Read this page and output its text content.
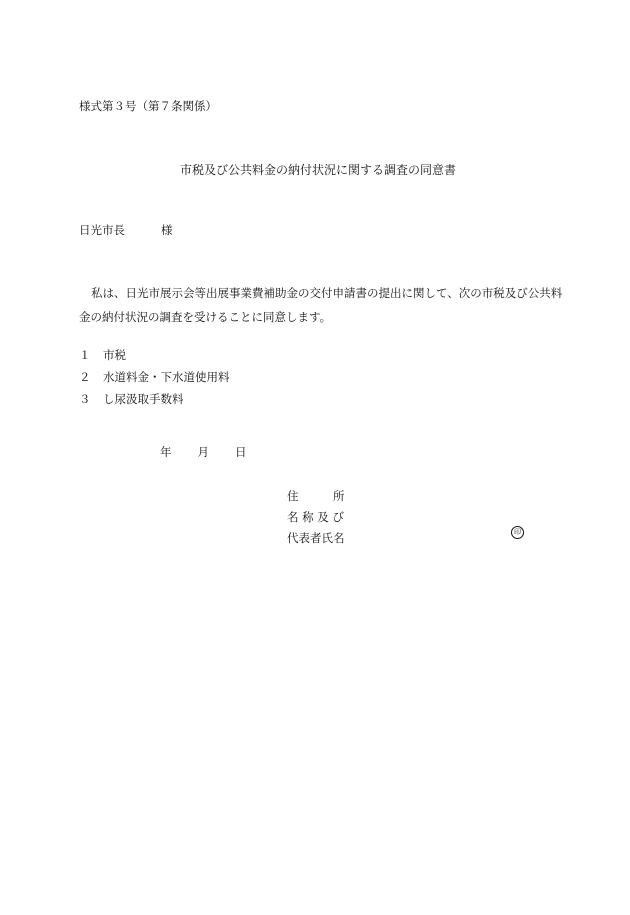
様式第３号（第７条関係）
市税及び公共料金の納付状況に関する調査の同意書
日光市長	様
私は、日光市展示会等出展事業費補助金の交付申請書の提出に関して、次の市税及び公共料金の納付状況の調査を受けることに同意します。
１ 市税
２ 水道料金・下水道使用料
３ し尿汲取手数料
年 月 日
住　　　所
名 称 及 び
代表者氏名	印
